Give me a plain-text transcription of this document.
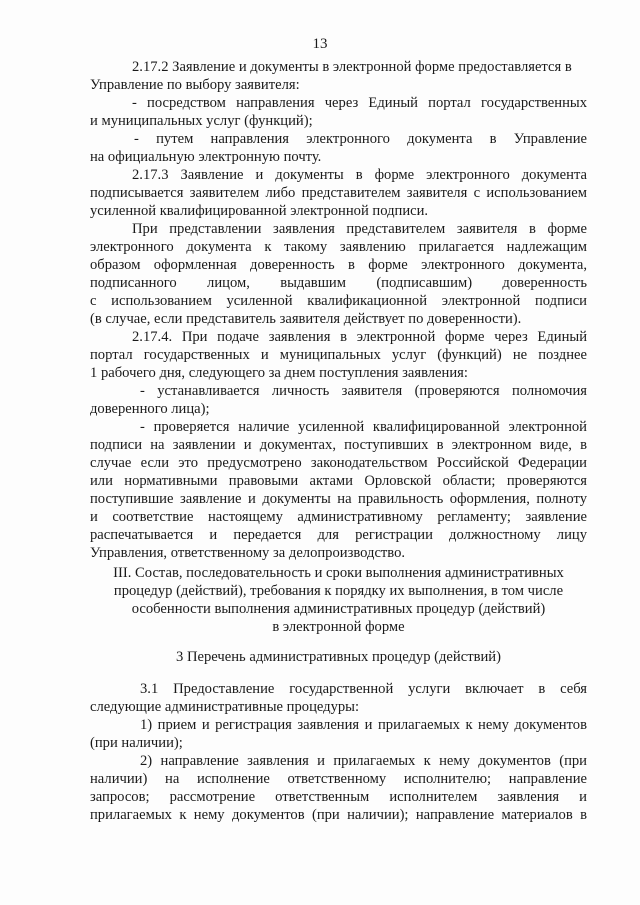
13
2.17.2 Заявление и документы в электронной форме предоставляется в
Управление по выбору заявителя:
- посредством направления через Единый портал государственных
и муниципальных услуг (функций);
- путем направления электронного документа в Управление
на официальную электронную почту.
2.17.3 Заявление и документы в форме электронного документа
подписывается заявителем либо представителем заявителя с использованием
усиленной квалифицированной электронной подписи.
При представлении заявления представителем заявителя в форме
электронного документа к такому заявлению прилагается надлежащим
образом оформленная доверенность в форме электронного документа,
подписанного лицом, выдавшим (подписавшим) доверенность
с использованием усиленной квалификационной электронной подписи
(в случае, если представитель заявителя действует по доверенности).
2.17.4. При подаче заявления в электронной форме через Единый
портал государственных и муниципальных услуг (функций) не позднее
1 рабочего дня, следующего за днем поступления заявления:
- устанавливается личность заявителя (проверяются полномочия
доверенного лица);
- проверяется наличие усиленной квалифицированной электронной
подписи на заявлении и документах, поступивших в электронном виде, в
случае если это предусмотрено законодательством Российской Федерации
или нормативными правовыми актами Орловской области; проверяются
поступившие заявление и документы на правильность оформления, полноту
и соответствие настоящему административному регламенту; заявление
распечатывается и передается для регистрации должностному лицу
Управления, ответственному за делопроизводство.
III. Состав, последовательность и сроки выполнения административных
процедур (действий), требования к порядку их выполнения, в том числе
особенности выполнения административных процедур (действий)
в электронной форме
3 Перечень административных процедур (действий)
3.1 Предоставление государственной услуги включает в себя
следующие административные процедуры:
1) прием и регистрация заявления и прилагаемых к нему документов
(при наличии);
2) направление заявления и прилагаемых к нему документов (при
наличии) на исполнение ответственному исполнителю; направление
запросов; рассмотрение ответственным исполнителем заявления и
прилагаемых к нему документов (при наличии); направление материалов в
